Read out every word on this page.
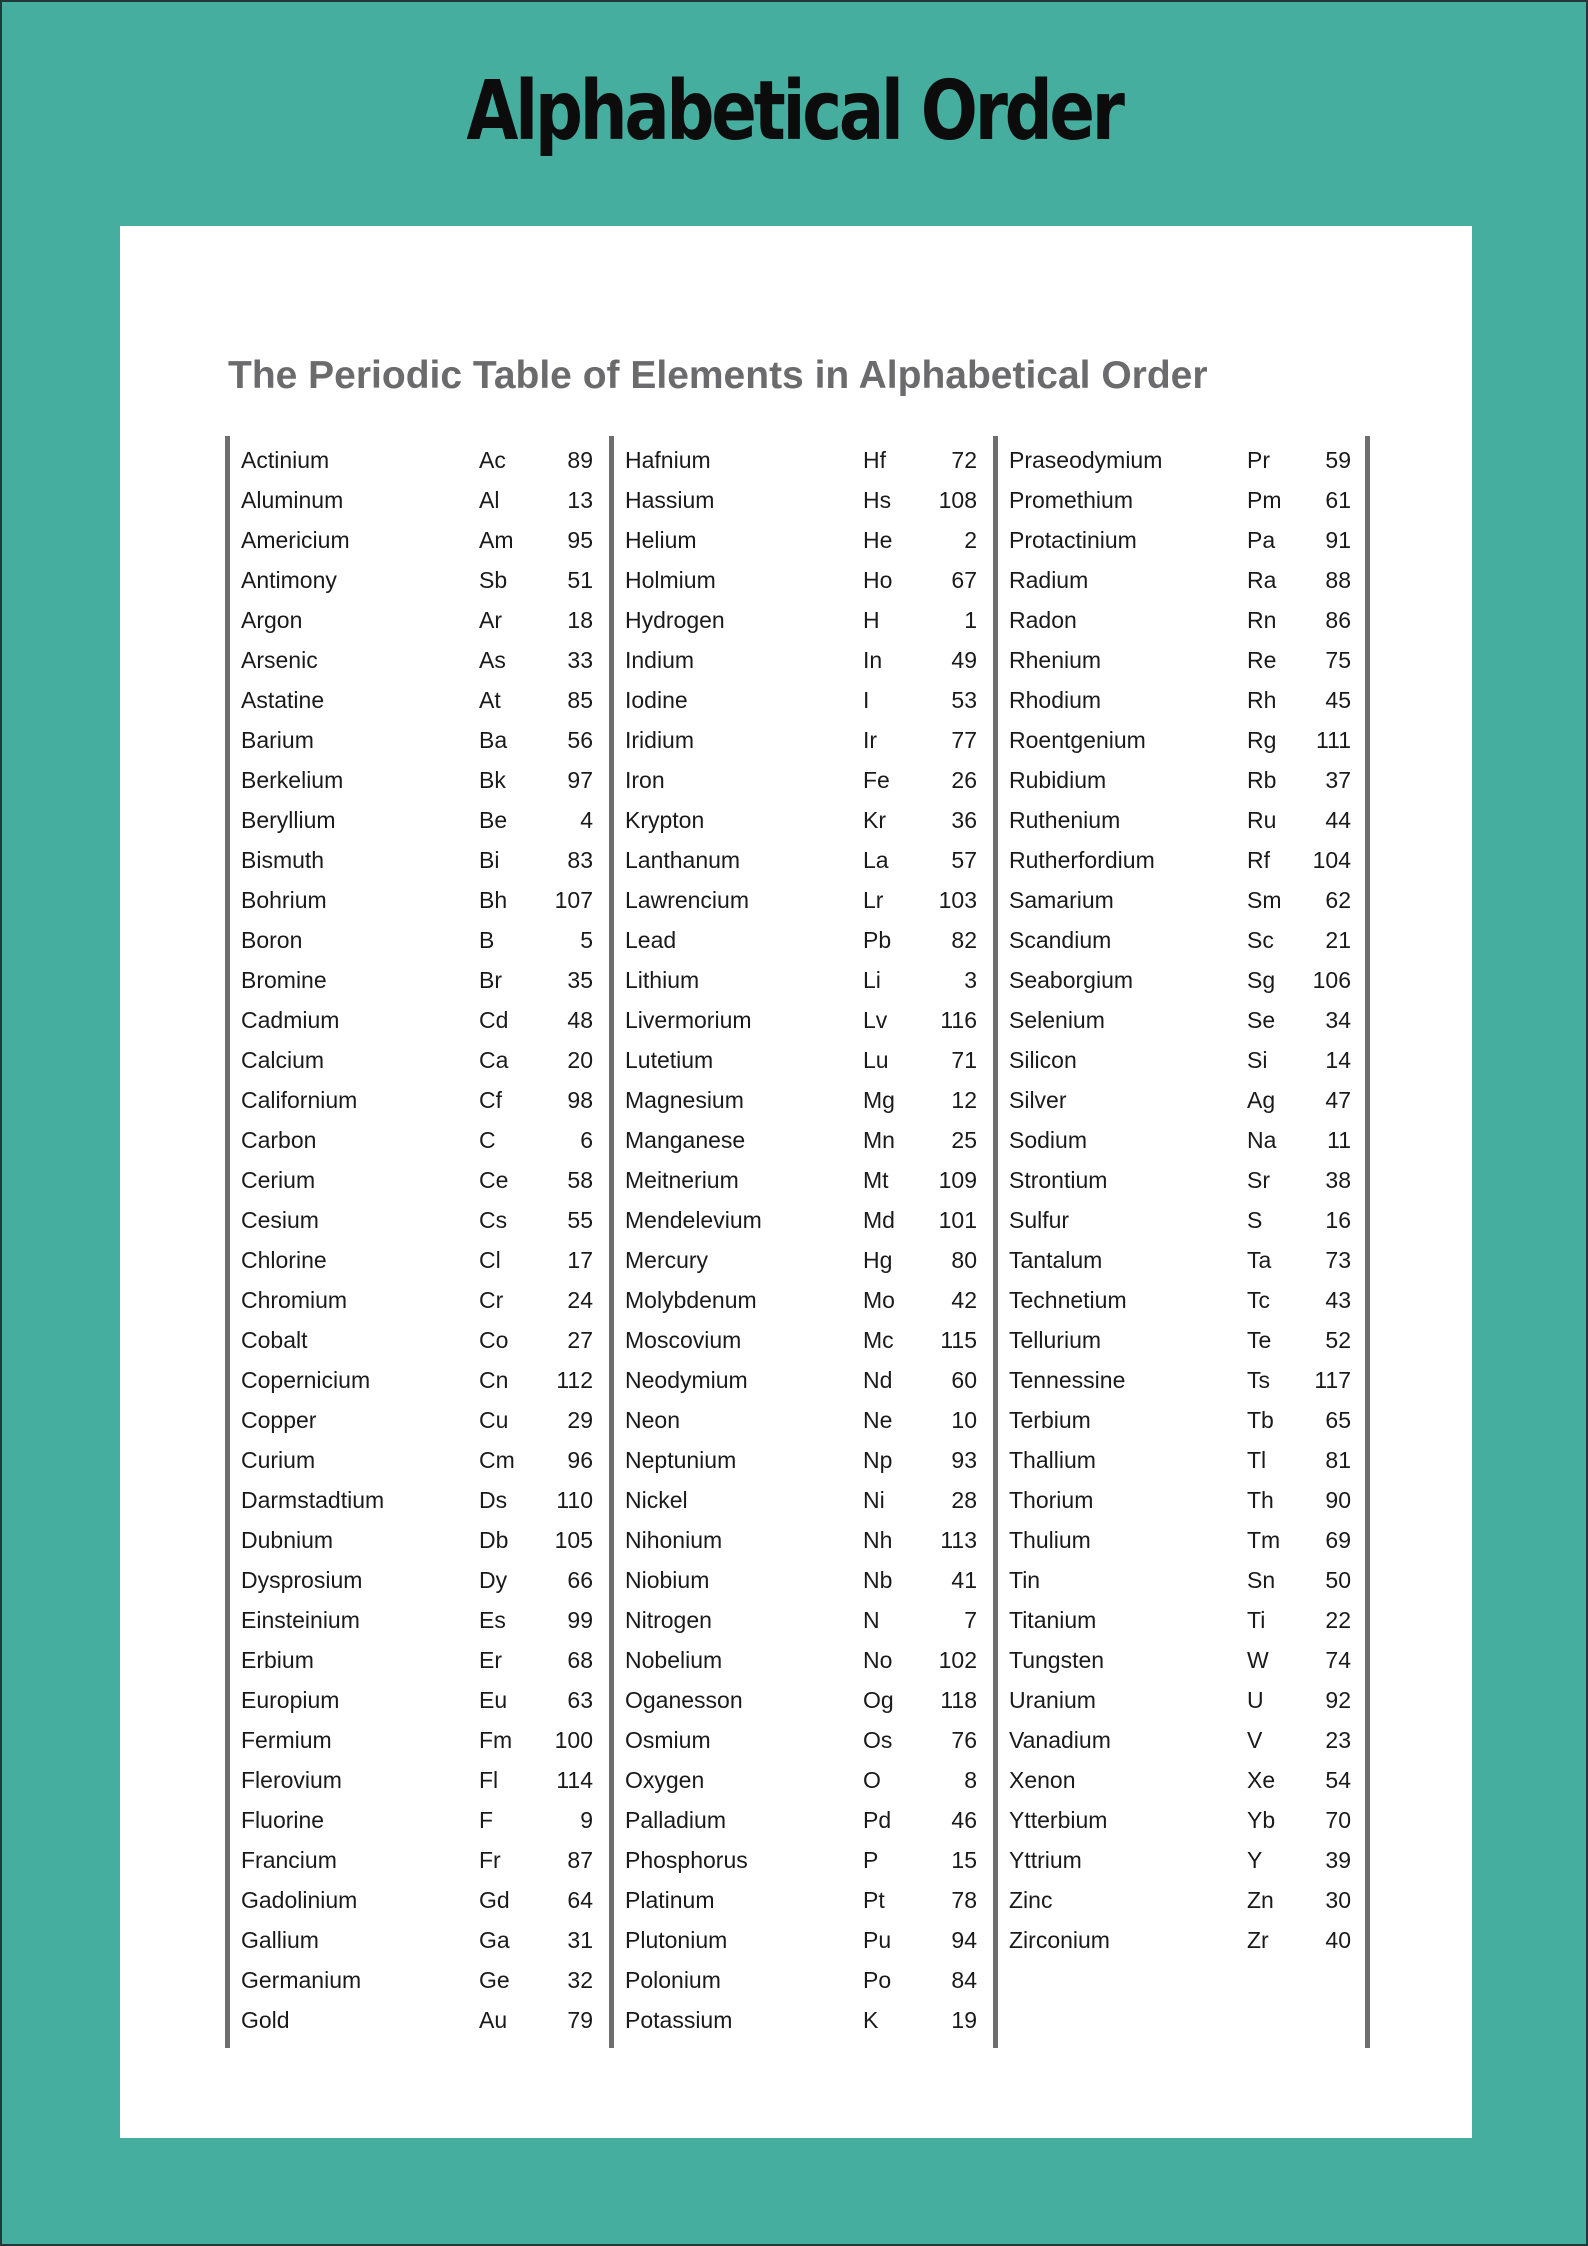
Alphabetical Order
The Periodic Table of Elements in Alphabetical Order
Actinium	Ac	89
Aluminum	Al	13
Americium	Am 95
Antimony	Sb	51
Argon	Ar	18
Arsenic	As	33
Astatine	At	85
Barium	Ba	56
Berkelium	Bk	97
Beryllium	Be	4
Bismuth	Bi	83
Bohrium	Bh 107
Boron	B	5
Bromine	Br	35
Cadmium	Cd	48
Calcium	Ca	20
Californium	Cf	98
Carbon	C	6
Cerium	Ce	58
Cesium	Cs	55
Chlorine	Cl	17
Chromium	Cr	24
Cobalt	Co	27
Copernicium	Cn 112
Copper	Cu	29
Curium	Cm 96
Darmstadtium	Ds 110
Dubnium	Db 105
Dysprosium	Dy	66
Einsteinium	Es	99
Erbium	Er	68
Europium	Eu	63
Fermium	Fm 100
Flerovium	Fl	114
Fluorine	F	9
Francium	Fr	87
Gadolinium	Gd	64
Gallium	Ga	31
Germanium	Ge	32
Gold	Au	79
Hafnium	Hf	72
Hassium	Hs 108
Helium	He	2
Holmium	Ho	67
Hydrogen	H	1
Indium	In	49
Iodine	I	53
Iridium	Ir	77
Iron	Fe	26
Krypton	Kr	36
Lanthanum	La	57
Lawrencium	Lr 103
Lead	Pb	82
Lithium	Li	3
Livermorium	Lv 116
Lutetium	Lu	71
Magnesium	Mg 12
Manganese	Mn 25
Meitnerium	Mt 109
Mendelevium	Md 101
Mercury	Hg	80
Molybdenum	Mo 42
Moscovium	Mc 115
Neodymium	Nd	60
Neon	Ne	10
Neptunium	Np	93
Nickel	Ni	28
Nihonium	Nh 113
Niobium	Nb	41
Nitrogen	N	7
Nobelium	No 102
Oganesson	Og 118
Osmium	Os	76
Oxygen	O	8
Palladium	Pd	46
Phosphorus	P	15
Platinum	Pt	78
Plutonium	Pu	94
Polonium	Po	84
Potassium	K	19
Praseodymium	Pr 59
Promethium	Pm 61
Protactinium	Pa 91
Radium	Ra 88
Radon	Rn 86
Rhenium	Re 75
Rhodium	Rh 45
Roentgenium	Rg 111
Rubidium	Rb 37
Ruthenium	Ru 44
Rutherfordium	Rf 104
Samarium	Sm 62
Scandium	Sc 21
Seaborgium	Sg 106
Selenium	Se 34
Silicon	Si	14
Silver	Ag 47
Sodium	Na 11
Strontium	Sr 38
Sulfur	S	16
Tantalum	Ta 73
Technetium	Tc 43
Tellurium	Te 52
Tennessine	Ts 117
Terbium	Tb 65
Thallium	Tl	81
Thorium	Th 90
Thulium	Tm 69
Tin	Sn 50
Titanium	Ti	22
Tungsten	W 74
Uranium	U	92
Vanadium	V	23
Xenon	Xe 54
Ytterbium	Yb 70
Yttrium	Y	39
Zinc	Zn 30
Zirconium	Zr 40
